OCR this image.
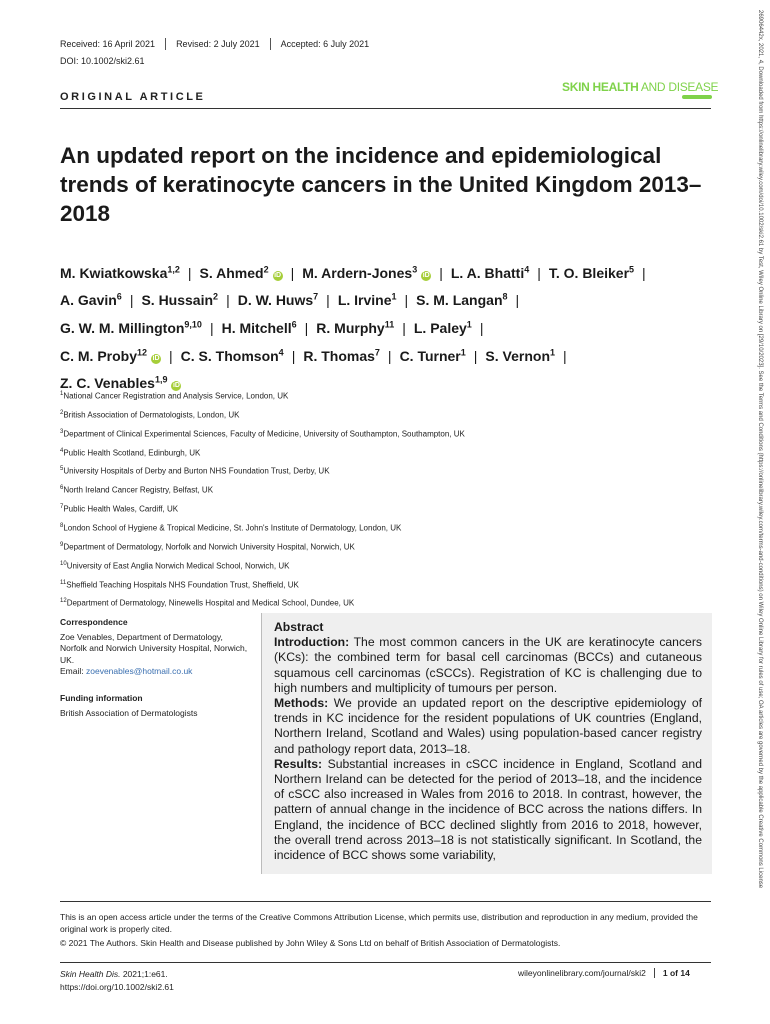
Received: 16 April 2021	Revised: 2 July 2021	Accepted: 6 July 2021
DOI: 10.1002/ski2.61
ORIGINAL ARTICLE
SKIN HEALTH AND DISEASE
An updated report on the incidence and epidemiological trends of keratinocyte cancers in the United Kingdom 2013–2018
M. Kwiatkowska$^{1,2}$ | S. Ahmed$^2$iD | M. Ardern-Jones$^3$iD | L. A. Bhatti$^4$ | T. O. Bleiker$^5$ |
A. Gavin$^6$ | S. Hussain$^2$ | D. W. Huws$^7$ | L. Irvine$^1$ | S. M. Langan$^8$ |
G. W. M. Millington$^{9,10}$ | H. Mitchell$^6$ | R. Murphy$^{11}$ | L. Paley$^1$ |
C. M. Proby$^{12}$iD | C. S. Thomson$^4$ | R. Thomas$^7$ | C. Turner$^1$ | S. Vernon$^1$ |
Z. C. Venables$^{1,9}$iD
$^1$National Cancer Registration and Analysis Service, London, UK
$^2$British Association of Dermatologists, London, UK
$^3$Department of Clinical Experimental Sciences, Faculty of Medicine, University of Southampton, Southampton, UK
$^4$Public Health Scotland, Edinburgh, UK
$^5$University Hospitals of Derby and Burton NHS Foundation Trust, Derby, UK
$^6$North Ireland Cancer Registry, Belfast, UK
$^7$Public Health Wales, Cardiff, UK
$^8$London School of Hygiene & Tropical Medicine, St. John's Institute of Dermatology, London, UK
$^9$Department of Dermatology, Norfolk and Norwich University Hospital, Norwich, UK
$^{10}$University of East Anglia Norwich Medical School, Norwich, UK
$^{11}$Sheffield Teaching Hospitals NHS Foundation Trust, Sheffield, UK
$^{12}$Department of Dermatology, Ninewells Hospital and Medical School, Dundee, UK
Correspondence
Zoe Venables, Department of Dermatology, Norfolk and Norwich University Hospital, Norwich, UK.
Email: zoevenables@hotmail.co.uk
Funding information
British Association of Dermatologists
Abstract
Introduction: The most common cancers in the UK are keratinocyte cancers (KCs): the combined term for basal cell carcinomas (BCCs) and cutaneous squamous cell carcinomas (cSCCs). Registration of KC is challenging due to high numbers and multiplicity of tumours per person.
Methods: We provide an updated report on the descriptive epidemiology of trends in KC incidence for the resident populations of UK countries (England, Northern Ireland, Scotland and Wales) using population-based cancer registry and pathology report data, 2013–18.
Results: Substantial increases in cSCC incidence in England, Scotland and Northern Ireland can be detected for the period of 2013–18, and the incidence of cSCC also increased in Wales from 2016 to 2018. In contrast, however, the pattern of annual change in the incidence of BCC across the nations differs. In England, the incidence of BCC declined slightly from 2016 to 2018, however, the overall trend across 2013–18 is not statistically significant. In Scotland, the incidence of BCC shows some variability,
This is an open access article under the terms of the Creative Commons Attribution License, which permits use, distribution and reproduction in any medium, provided the original work is properly cited.
© 2021 The Authors. Skin Health and Disease published by John Wiley & Sons Ltd on behalf of British Association of Dermatologists.
Skin Health Dis. 2021;1:e61.
https://doi.org/10.1002/ski2.61
wileyonlinelibrary.com/journal/ski2	1 of 14
26906442x, 2021, 4, Downloaded from https://onlinelibrary.wiley.com/doi/10.1002/ski2.61 by Test, Wiley Online Library on [29/10/2023]. See the Terms and Conditions (https://onlinelibrary.wiley.com/terms-and-conditions) on Wiley Online Library for rules of use; OA articles are governed by the applicable Creative Commons License
